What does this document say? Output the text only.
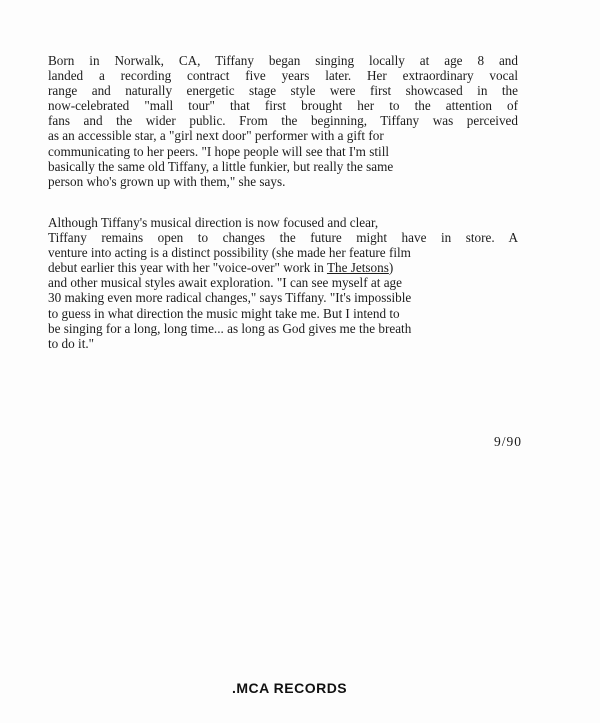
Born in Norwalk, CA, Tiffany began singing locally at age 8 and
landed a recording contract five years later. Her extraordinary vocal
range and naturally energetic stage style were first showcased in the
now-celebrated "mall tour" that first brought her to the attention of
fans and the wider public. From the beginning, Tiffany was perceived
as an accessible star, a "girl next door" performer with a gift for
communicating to her peers. "I hope people will see that I'm still
basically the same old Tiffany, a little funkier, but really the same
person who's grown up with them," she says.

Although Tiffany's musical direction is now focused and clear,
Tiffany remains open to changes the future might have in store. A
venture into acting is a distinct possibility (she made her feature film
debut earlier this year with her "voice-over" work in The Jetsons)
and other musical styles await exploration. "I can see myself at age
30 making even more radical changes," says Tiffany. "It's impossible
to guess in what direction the music might take me. But I intend to
be singing for a long, long time... as long as God gives me the breath
to do it."

9/90
.MCA RECORDS
